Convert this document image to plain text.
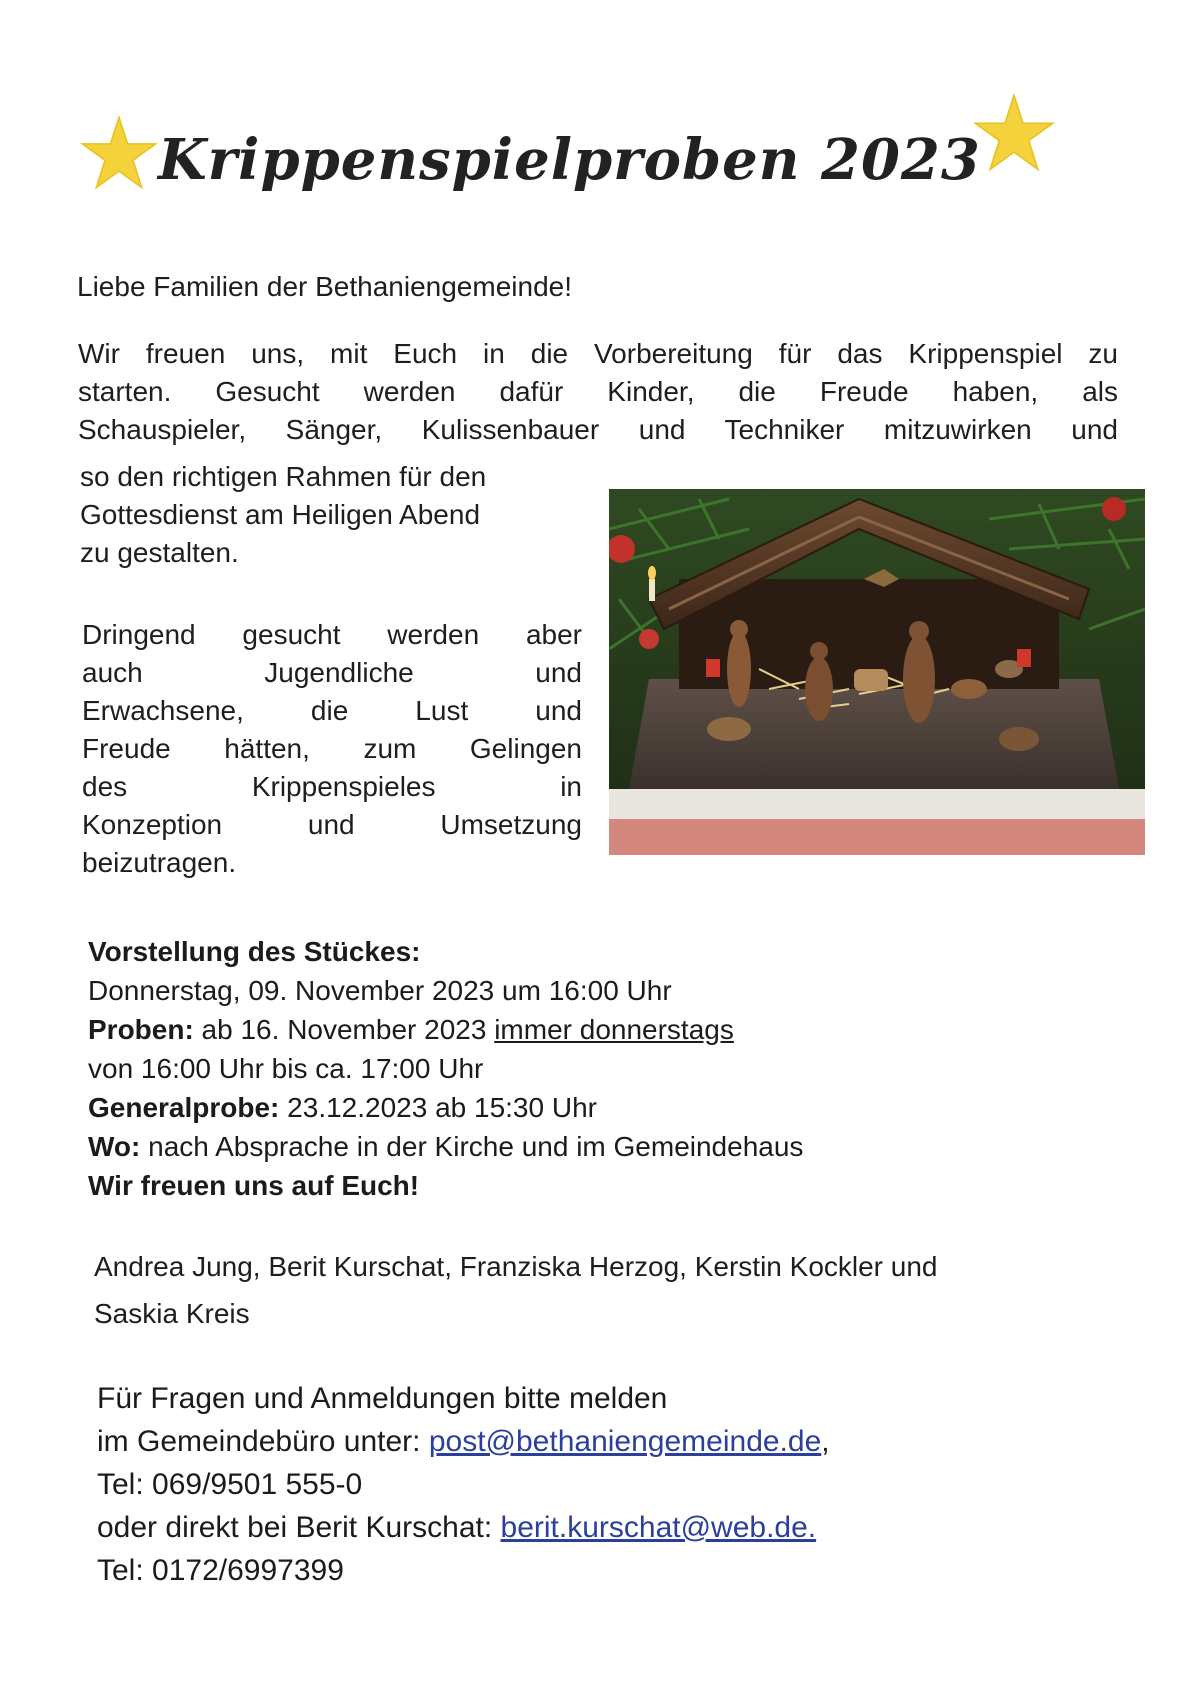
Krippenspielproben 2023
Liebe Familien der Bethaniengemeinde!
Wir freuen uns, mit Euch in die Vorbereitung für das Krippenspiel zu
starten. Gesucht werden dafür Kinder, die Freude haben, als
Schauspieler, Sänger, Kulissenbauer und Techniker mitzuwirken und
so den richtigen Rahmen für den
Gottesdienst am Heiligen Abend
zu gestalten.
Dringend gesucht werden aber
auch Jugendliche und
Erwachsene, die Lust und
Freude hätten, zum Gelingen
des Krippenspieles in
Konzeption und Umsetzung
beizutragen.
Vorstellung des Stückes:
Donnerstag, 09. November 2023 um 16:00 Uhr
Proben: ab 16. November 2023 immer donnerstags
von 16:00 Uhr bis ca. 17:00 Uhr
Generalprobe: 23.12.2023 ab 15:30 Uhr
Wo: nach Absprache in der Kirche und im Gemeindehaus
Wir freuen uns auf Euch!
Andrea Jung, Berit Kurschat, Franziska Herzog, Kerstin Kockler und
Saskia Kreis
Für Fragen und Anmeldungen bitte melden
im Gemeindebüro unter: post@bethaniengemeinde.de,
Tel: 069/9501 555-0
oder direkt bei Berit Kurschat: berit.kurschat@web.de.
Tel: 0172/6997399
